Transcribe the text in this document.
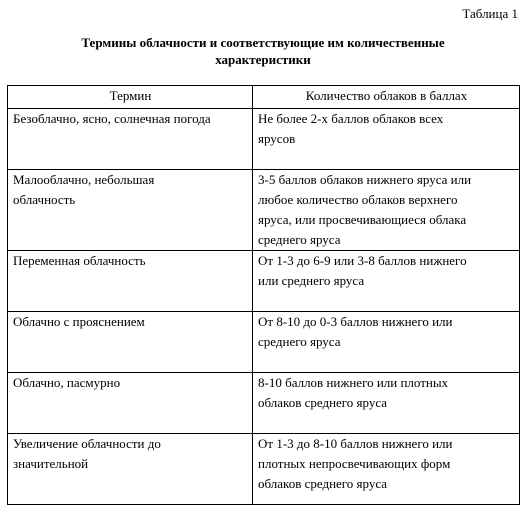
Таблица 1
Термины облачности и соответствующие им количественные
характеристики
Термин	Количество облаков в баллах

Безоблачно, ясно, солнечная погода	Не более 2-х баллов облаков всех
ярусов

Малооблачно, небольшая
облачность	3-5 баллов облаков нижнего яруса или
любое количество облаков верхнего
яруса, или просвечивающиеся облака
среднего яруса

Переменная облачность	От 1-3 до 6-9 или 3-8 баллов нижнего
или среднего яруса

Облачно с прояснением	От 8-10 до 0-3 баллов нижнего или
среднего яруса

Облачно, пасмурно	8-10 баллов нижнего или плотных
облаков среднего яруса

Увеличение облачности до
значительной	От 1-3 до 8-10 баллов нижнего или
плотных непросвечивающих форм
облаков среднего яруса
